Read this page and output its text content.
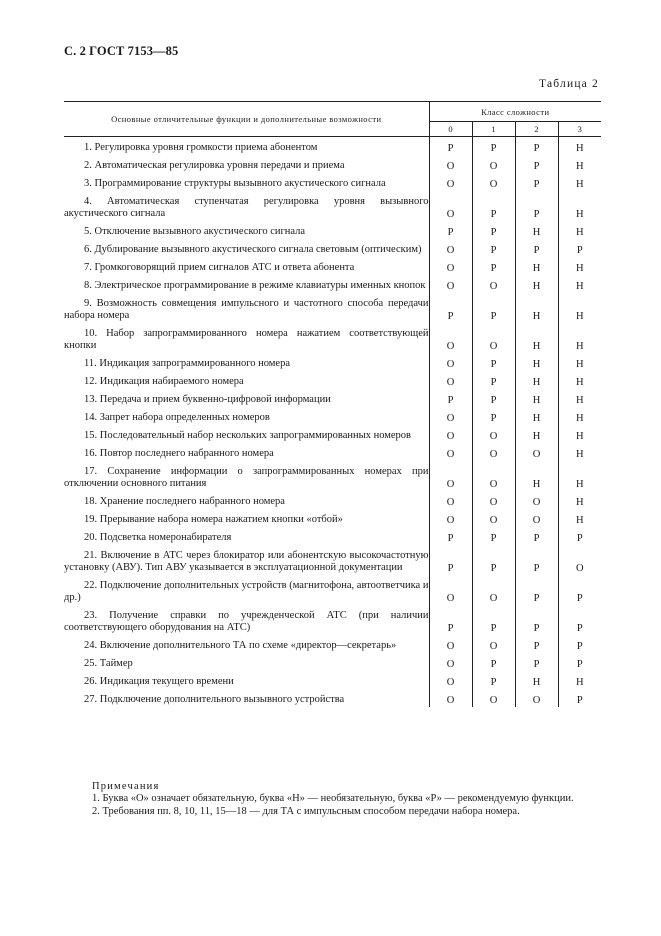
С. 2 ГОСТ 7153—85
Таблица 2
Основные отличительные функции и дополнительные возможности	Класс сложности			
	0	1	2	3

1. Регулировка уровня громкости приема абонентом	Р	Р	Р	Н

2. Автоматическая регулировка уровня передачи и приема	О	О	Р	Н

3. Программирование структуры вызывного акустического сигнала	О	О	Р	Н

4. Автоматическая ступенчатая регулировка уровня вызывного акустического сигнала	О	Р	Р	Н

5. Отключение вызывного акустического сигнала	Р	Р	Н	Н

6. Дублирование вызывного акустического сигнала световым (оптическим)	О	Р	Р	Р

7. Громкоговорящий прием сигналов АТС и ответа абонента	О	Р	Н	Н

8. Электрическое программирование в режиме клавиатуры именных кнопок	О	О	Н	Н

9. Возможность совмещения импульсного и частотного способа передачи набора номера	Р	Р	Н	Н

10. Набор запрограммированного номера нажатием соответствующей кнопки	О	О	Н	Н

11. Индикация запрограммированного номера	О	Р	Н	Н

12. Индикация набираемого номера	О	Р	Н	Н

13. Передача и прием буквенно-цифровой информации	Р	Р	Н	Н

14. Запрет набора определенных номеров	О	Р	Н	Н

15. Последовательный набор нескольких запрограммированных номеров	О	О	Н	Н

16. Повтор последнего набранного номера	О	О	О	Н

17. Сохранение информации о запрограммированных номерах при отключении основного питания	О	О	Н	Н

18. Хранение последнего набранного номера	О	О	О	Н

19. Прерывание набора номера нажатием кнопки «отбой»	О	О	О	Н

20. Подсветка номеронабирателя	Р	Р	Р	Р

21. Включение в АТС через блокиратор или абонентскую высокочастотную установку (АВУ). Тип АВУ указывается в эксплуатационной документации	Р	Р	Р	О

22. Подключение дополнительных устройств (магнитофона, автоответчика и др.)	О	О	Р	Р

23. Получение справки по учрежденческой АТС (при наличии соответствующего оборудования на АТС)	Р	Р	Р	Р

24. Включение дополнительного ТА по схеме «директор—секретарь»	О	О	Р	Р

25. Таймер	О	Р	Р	Р

26. Индикация текущего времени	О	Р	Н	Н

27. Подключение дополнительного вызывного устройства	О	О	О	Р
Примечания
1. Буква «О» означает обязательную, буква «Н» — необязательную, буква «Р» — рекомендуемую функции.
2. Требования пп. 8, 10, 11, 15—18 — для ТА с импульсным способом передачи набора номера.
